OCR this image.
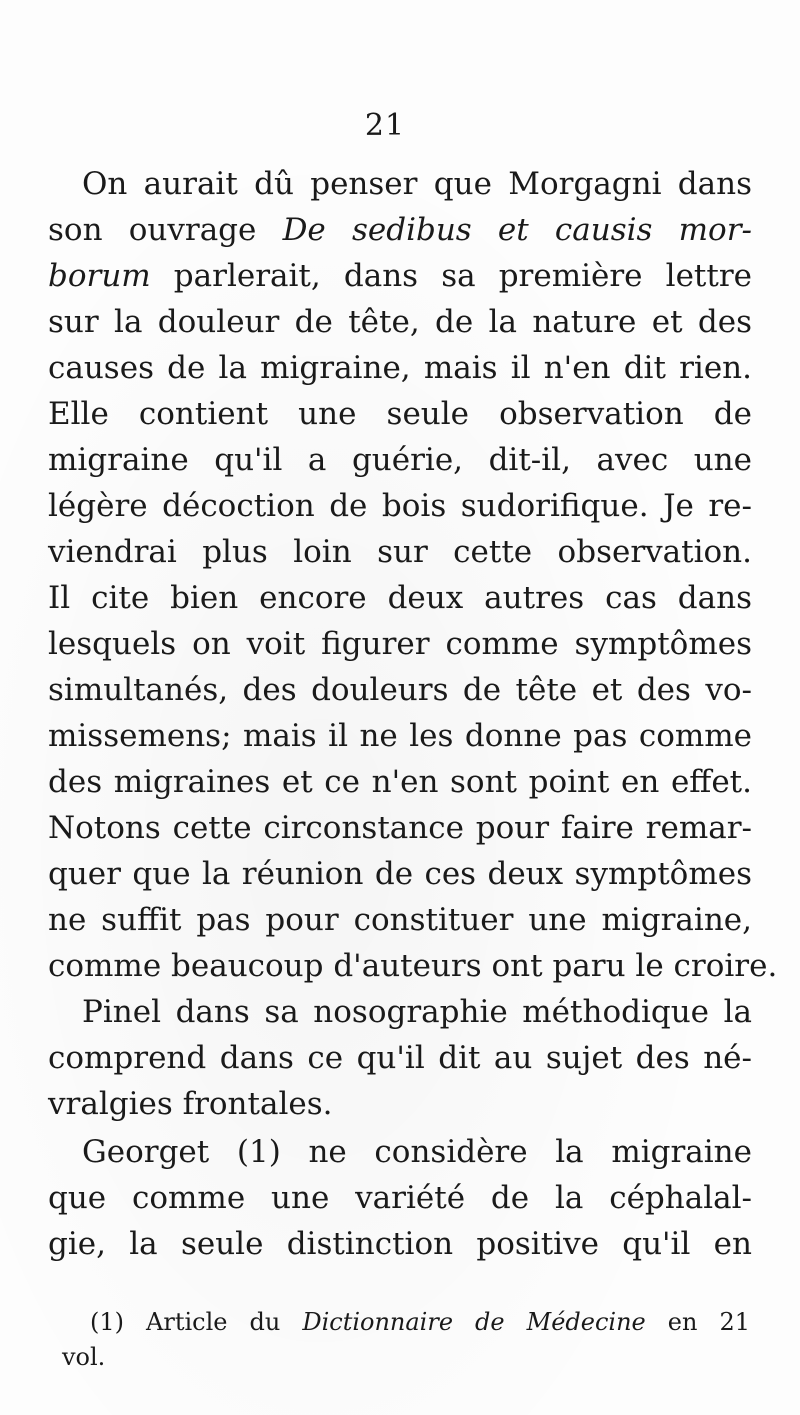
21
On aurait dû penser que Morgagni dans
son ouvrage De sedibus et causis mor-
borum parlerait, dans sa première lettre
sur la douleur de tête, de la nature et des
causes de la migraine, mais il n'en dit rien.
Elle contient une seule observation de
migraine qu'il a guérie, dit-il, avec une
légère décoction de bois sudorifique. Je re-
viendrai plus loin sur cette observation.
Il cite bien encore deux autres cas dans
lesquels on voit figurer comme symptômes
simultanés, des douleurs de tête et des vo-
missemens; mais il ne les donne pas comme
des migraines et ce n'en sont point en effet.
Notons cette circonstance pour faire remar-
quer que la réunion de ces deux symptômes
ne suffit pas pour constituer une migraine,
comme beaucoup d'auteurs ont paru le croire.
Pinel dans sa nosographie méthodique la
comprend dans ce qu'il dit au sujet des né-
vralgies frontales.
Georget (1) ne considère la migraine
que comme une variété de la céphalal-
gie, la seule distinction positive qu'il en
(1) Article du Dictionnaire de Médecine en 21
vol.
